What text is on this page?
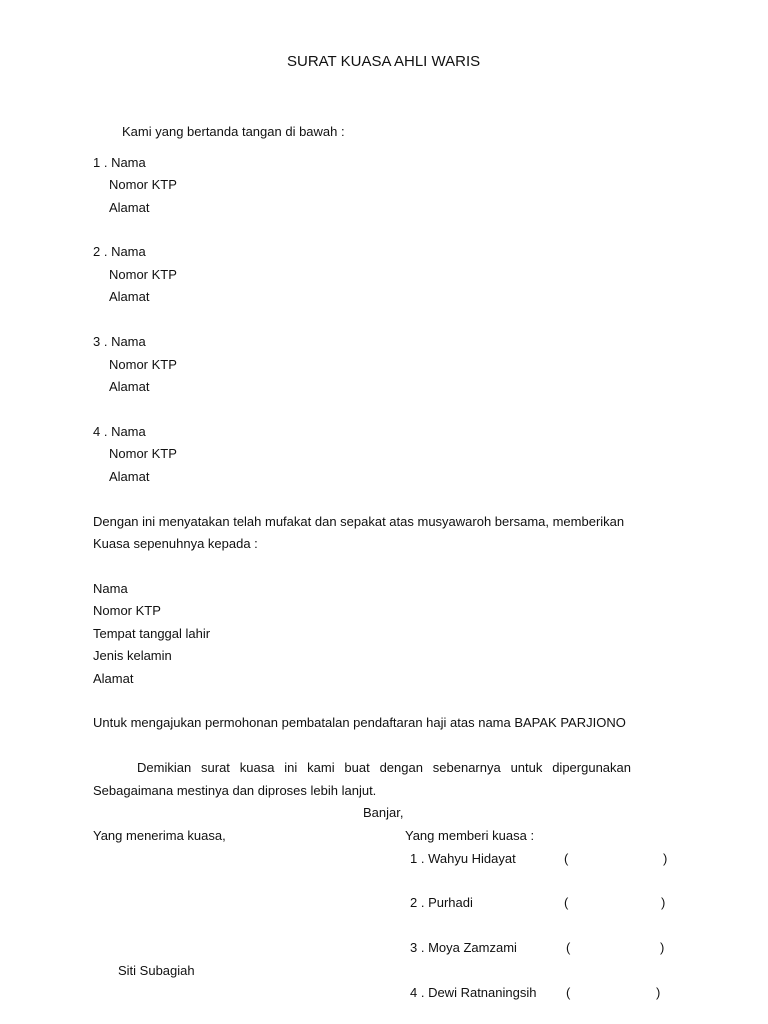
SURAT KUASA AHLI WARIS
Kami yang bertanda tangan di bawah :
1 . Nama
Nomor KTP
Alamat
2 . Nama
Nomor KTP
Alamat
3 . Nama
Nomor KTP
Alamat
4 . Nama
Nomor KTP
Alamat
Dengan ini menyatakan telah mufakat dan sepakat atas musyawaroh bersama, memberikan
Kuasa sepenuhnya kepada :
Nama
Nomor KTP
Tempat tanggal lahir
Jenis kelamin
Alamat
Untuk mengajukan permohonan pembatalan pendaftaran haji atas nama BAPAK PARJIONO
Demikian surat kuasa ini kami buat dengan sebenarnya untuk dipergunakan
Sebagaimana mestinya dan diproses lebih lanjut.
Banjar,
Yang menerima kuasa,	Yang memberi kuasa :
1 . Wahyu Hidayat	(	)
2 . Purhadi	(	)
3 . Moya Zamzami	(	)
Siti Subagiah
4 . Dewi Ratnaningsih (	)
